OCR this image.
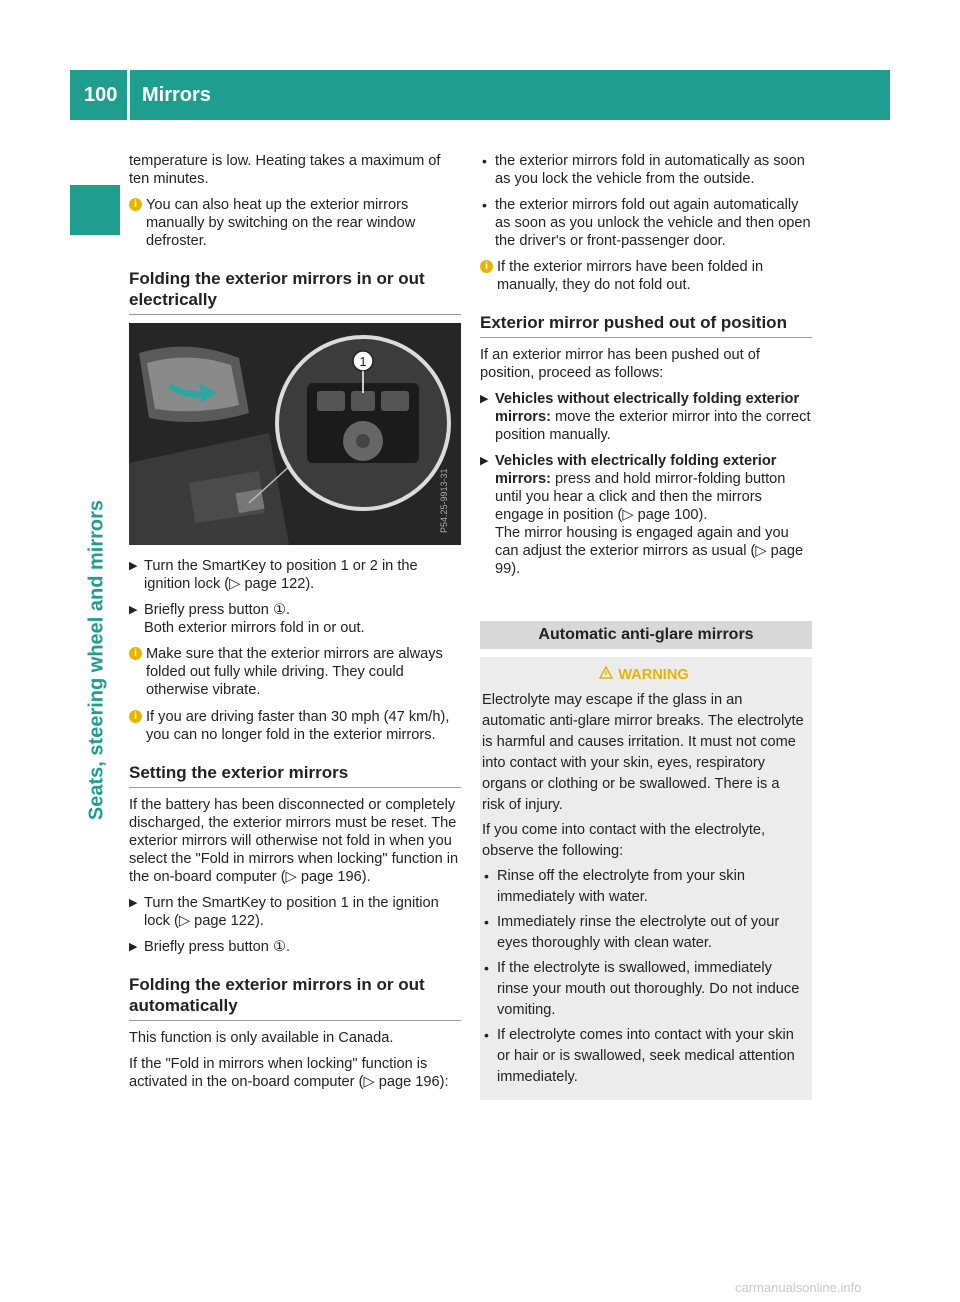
100 Mirrors
Seats, steering wheel and mirrors

temperature is low. Heating takes a maximum of ten minutes.

i You can also heat up the exterior mirrors manually by switching on the rear window defroster.
Folding the exterior mirrors in or out electrically
1
P54.25-9913-31
▶ Turn the SmartKey to position 1 or 2 in the ignition lock (▷ page 122).
▶ Briefly press button ①.
Both exterior mirrors fold in or out.
i Make sure that the exterior mirrors are always folded out fully while driving. They could otherwise vibrate.
i If you are driving faster than 30 mph (47 km/h), you can no longer fold in the exterior mirrors.
Setting the exterior mirrors

If the battery has been disconnected or completely discharged, the exterior mirrors must be reset. The exterior mirrors will otherwise not fold in when you select the "Fold in mirrors when locking" function in the on-board computer (▷ page 196).

▶ Turn the SmartKey to position 1 in the ignition lock (▷ page 122).
▶ Briefly press button ①.
Folding the exterior mirrors in or out automatically

This function is only available in Canada.

If the "Fold in mirrors when locking" function is activated in the on-board computer (▷ page 196):

• the exterior mirrors fold in automatically as soon as you lock the vehicle from the outside.
• the exterior mirrors fold out again automatically as soon as you unlock the vehicle and then open the driver's or front-passenger door.
i If the exterior mirrors have been folded in manually, they do not fold out.
Exterior mirror pushed out of position

If an exterior mirror has been pushed out of position, proceed as follows:

▶ Vehicles without electrically folding exterior mirrors: move the exterior mirror into the correct position manually.
▶ Vehicles with electrically folding exterior mirrors: press and hold mirror-folding button until you hear a click and then the mirrors engage in position (▷ page 100).
The mirror housing is engaged again and you can adjust the exterior mirrors as usual (▷ page 99).
Automatic anti-glare mirrors
WARNING

Electrolyte may escape if the glass in an automatic anti-glare mirror breaks. The electrolyte is harmful and causes irritation. It must not come into contact with your skin, eyes, respiratory organs or clothing or be swallowed. There is a risk of injury.

If you come into contact with the electrolyte, observe the following:

• Rinse off the electrolyte from your skin immediately with water.
• Immediately rinse the electrolyte out of your eyes thoroughly with clean water.
• If the electrolyte is swallowed, immediately rinse your mouth out thoroughly. Do not induce vomiting.
• If electrolyte comes into contact with your skin or hair or is swallowed, seek medical attention immediately.
carmanualsonline.info
